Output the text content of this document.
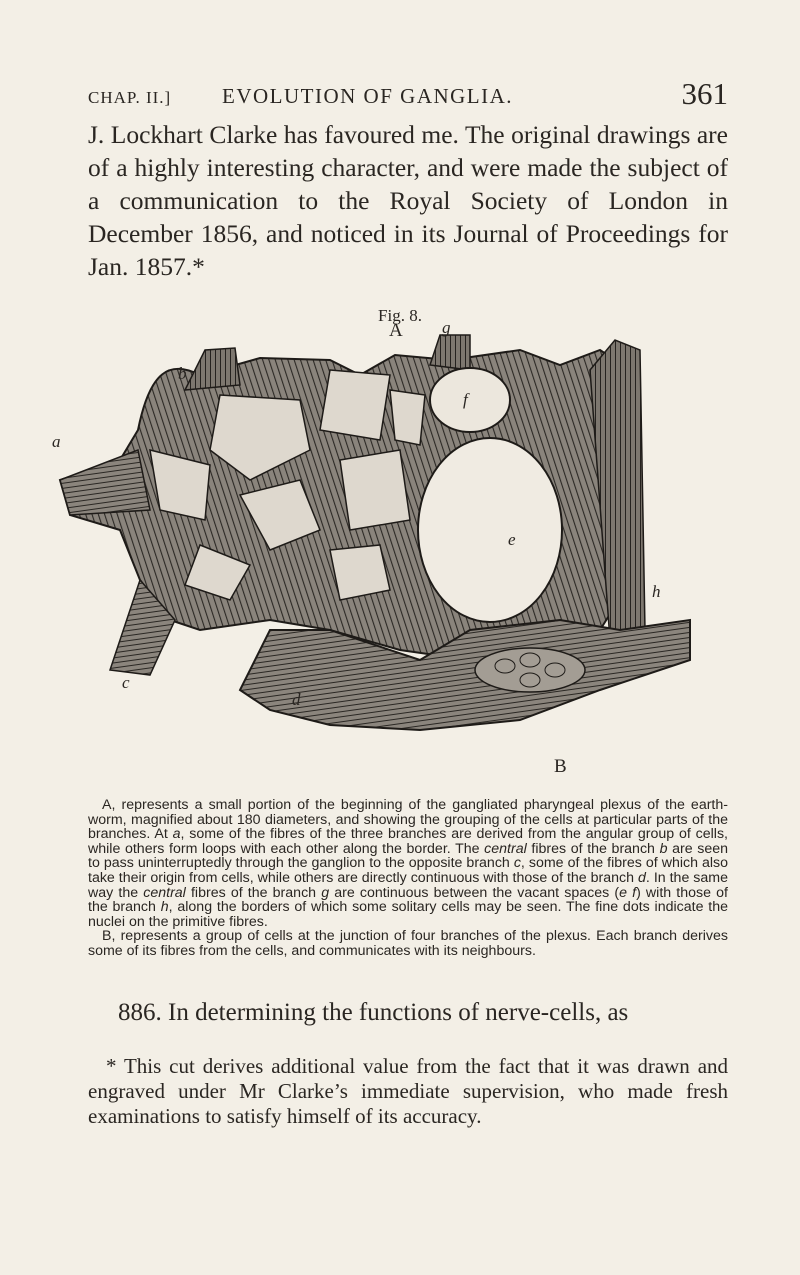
CHAP. II.] EVOLUTION OF GANGLIA.	361

J. Lockhart Clarke has favoured me. The original drawings are of a highly interesting character, and were made the subject of a communication to the Royal Society of London in December 1856, and noticed in its Journal of Proceedings for Jan. 1857.*

Fig. 8.

A g
b
f
a
e
h
c
d
B

A, represents a small portion of the beginning of the gangliated pharyngeal plexus of the earth-worm, magnified about 180 diameters, and showing the grouping of the cells at particular parts of the branches. At a, some of the fibres of the three branches are derived from the angular group of cells, while others form loops with each other along the border. The central fibres of the branch b are seen to pass uninterruptedly through the ganglion to the opposite branch c, some of the fibres of which also take their origin from cells, while others are directly continuous with those of the branch d. In the same way the central fibres of the branch g are continuous between the vacant spaces (e f) with those of the branch h, along the borders of which some solitary cells may be seen. The fine dots indicate the nuclei on the primitive fibres.

B, represents a group of cells at the junction of four branches of the plexus. Each branch derives some of its fibres from the cells, and communicates with its neighbours.

886. In determining the functions of nerve-cells, as

* This cut derives additional value from the fact that it was drawn and engraved under Mr Clarke’s immediate supervision, who made fresh examinations to satisfy himself of its accuracy.
